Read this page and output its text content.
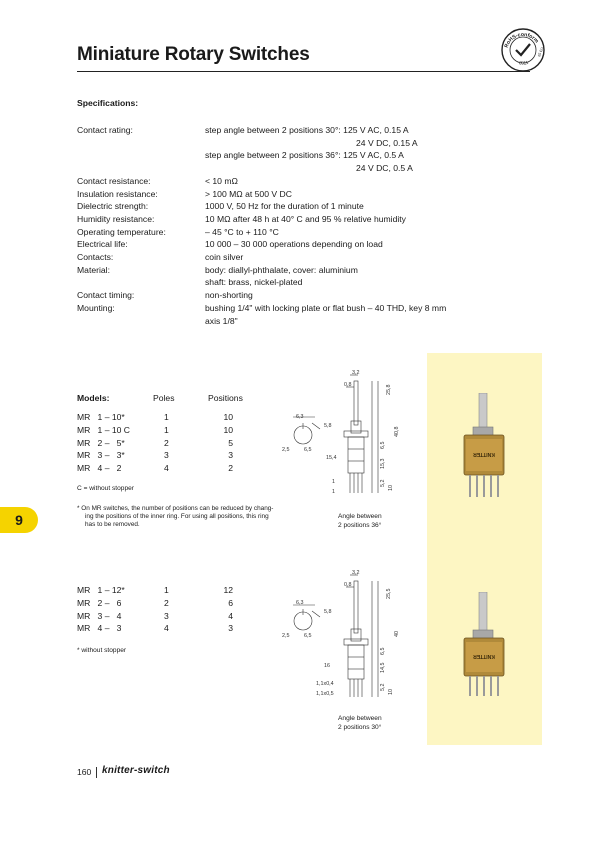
Miniature Rotary Switches	RoHS-conform
2011
65 EU
Specifications:
Contact rating:	step angle between 2 positions 30°: 125 V AC, 0.15 A
24 V DC, 0.15 A
step angle between 2 positions 36°: 125 V AC, 0.5 A
24 V DC, 0.5 A
Contact resistance:	< 10 mΩ
Insulation resistance:	> 100 MΩ at 500 V DC
Dielectric strength:	1000 V, 50 Hz for the duration of 1 minute
Humidity resistance:	10 MΩ after 48 h at 40° C and 95 % relative humidity
Operating temperature:	– 45 °C to + 110 °C
Electrical life:	10 000 – 30 000 operations depending on load
Contacts:	coin silver
Material:	body: diallyl-phthalate, cover: aluminium
shaft: brass, nickel-plated
Contact timing:	non-shorting
Mounting:	bushing 1/4" with locking plate or flat bush – 40 THD, key 8 mm
axis 1/8"
KNITTER
KNITTER
Models:	Poles	Positions
MR   1 – 10*	1	10
MR   1 – 10 C	1	10
MR   2 –   5*	2	5
MR   3 –   3*	3	3
MR   4 –   2	4	2
C = without stopper
* On MR switches, the number of positions can be reduced by chang-
ing the positions of the inner ring. For using all positions, this ring
has to be removed.
3,2
0,8
6,3
5,8
2,5	6,5
15,4
1
1
25,8
6,5
15,3
40,8
5,2
10
Angle between
2 positions 36°
MR   1 – 12*	1	12
MR   2 –   6	2	6
MR   3 –   4	3	4
MR   4 –   3	4	3
* without stopper
3,2
0,8
6,3
5,8
2,5	6,5
16
1,1x0,4
1,1x0,5
25,5
6,5
14,5
40
5,2
10
Angle between
2 positions 30°
9
160 knitter-switch
